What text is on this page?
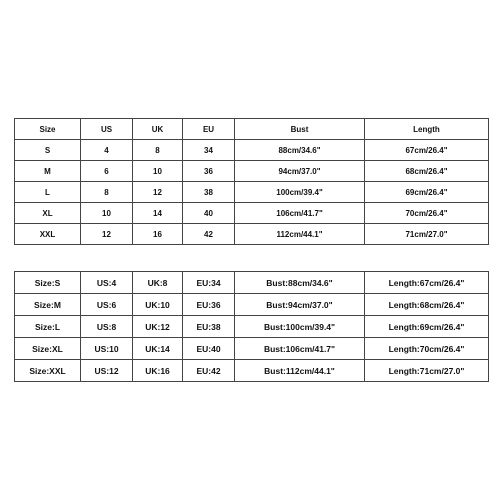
Size	US	UK	EU	Bust	Length
S	4	8	34	88cm/34.6"	67cm/26.4"
M	6	10	36	94cm/37.0"	68cm/26.4"
L	8	12	38	100cm/39.4"	69cm/26.4"
XL	10	14	40	106cm/41.7"	70cm/26.4"
XXL	12	16	42	112cm/44.1"	71cm/27.0"
Size:S	US:4	UK:8	EU:34	Bust:88cm/34.6"	Length:67cm/26.4"
Size:M	US:6	UK:10	EU:36	Bust:94cm/37.0"	Length:68cm/26.4"
Size:L	US:8	UK:12	EU:38	Bust:100cm/39.4"	Length:69cm/26.4"
Size:XL	US:10	UK:14	EU:40	Bust:106cm/41.7"	Length:70cm/26.4"
Size:XXL	US:12	UK:16	EU:42	Bust:112cm/44.1"	Length:71cm/27.0"
